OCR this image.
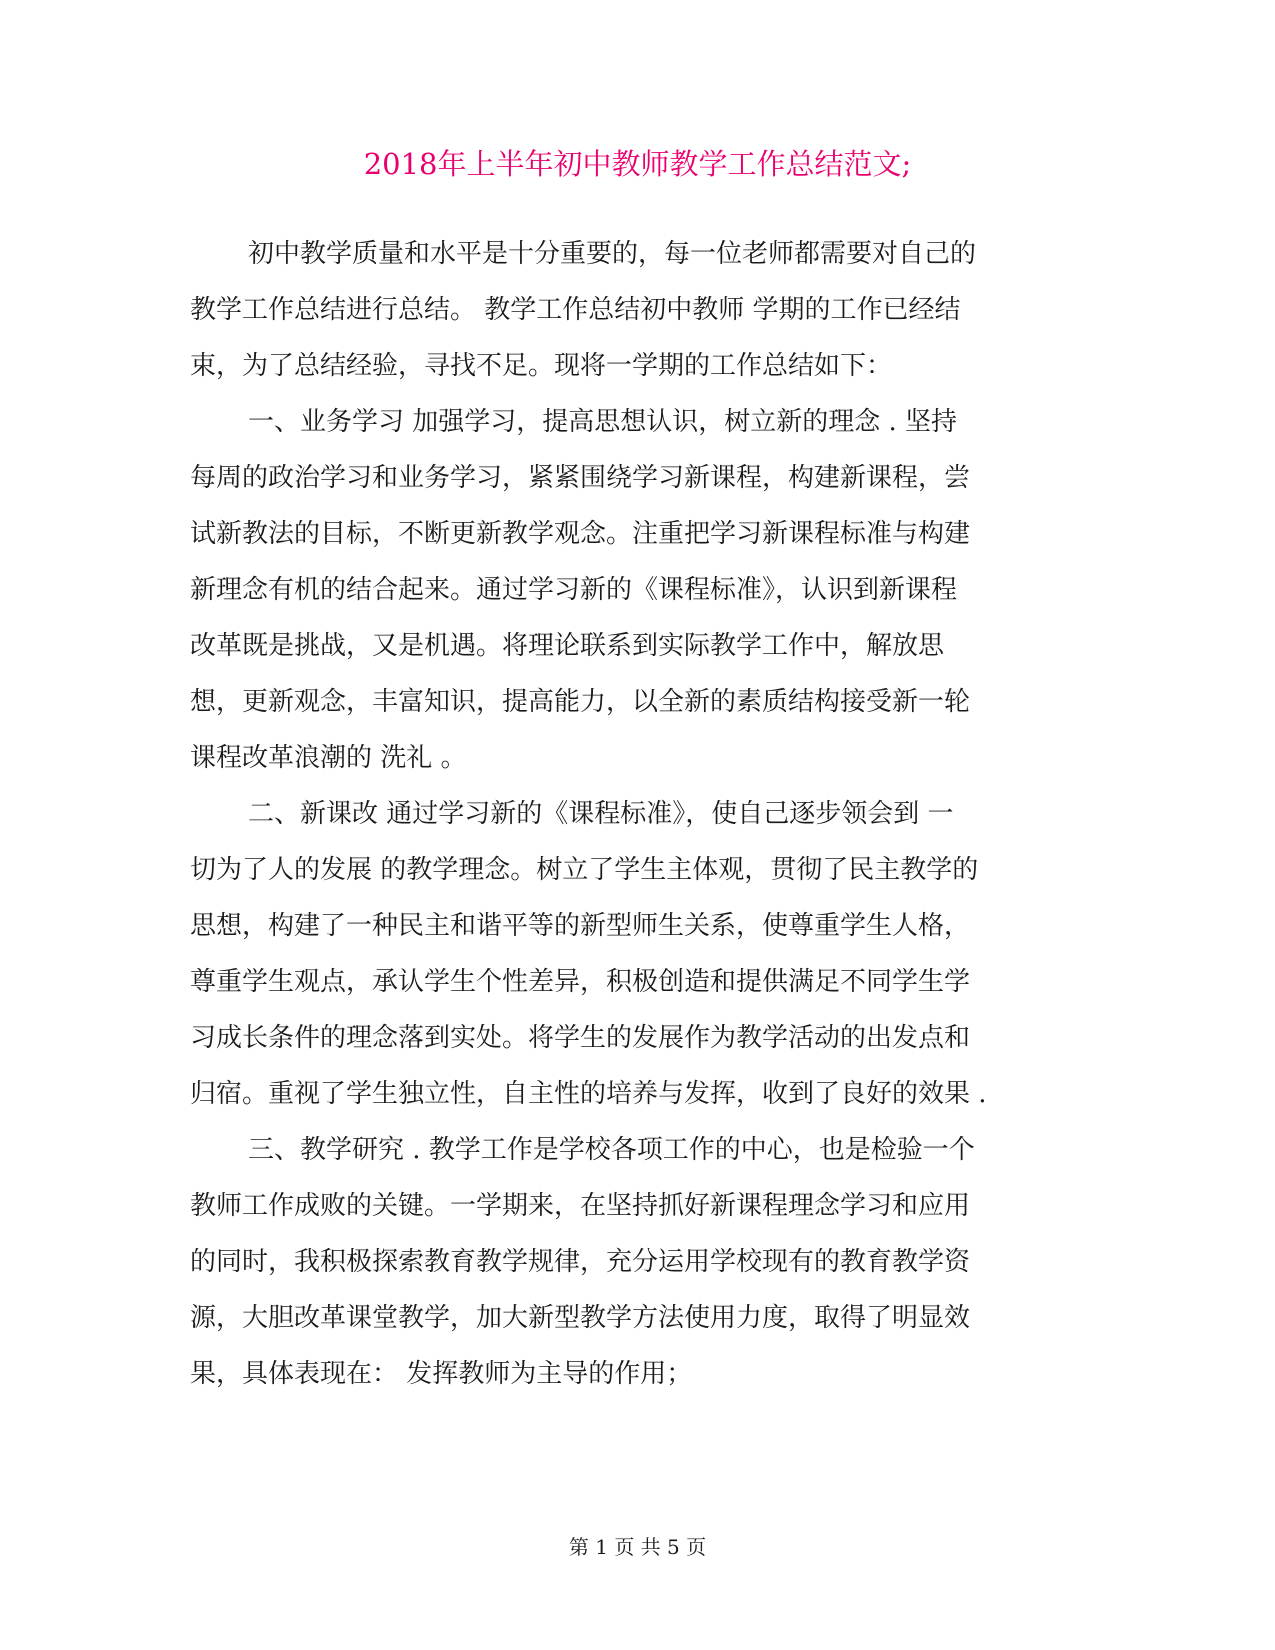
2018年上半年初中教师教学工作总结范文;
初中教学质量和水平是十分重要的，每一位老师都需要对自己的
教学工作总结进行总结。 教学工作总结初中教师 学期的工作已经结
束，为了总结经验，寻找不足。现将一学期的工作总结如下：
一、业务学习 加强学习，提高思想认识，树立新的理念 . 坚持
每周的政治学习和业务学习，紧紧围绕学习新课程，构建新课程，尝
试新教法的目标，不断更新教学观念。注重把学习新课程标准与构建
新理念有机的结合起来。通过学习新的《课程标准》，认识到新课程
改革既是挑战，又是机遇。将理论联系到实际教学工作中，解放思
想，更新观念，丰富知识，提高能力，以全新的素质结构接受新一轮
课程改革浪潮的 洗礼 。
二、新课改 通过学习新的《课程标准》，使自己逐步领会到 一
切为了人的发展 的教学理念。树立了学生主体观，贯彻了民主教学的
思想，构建了一种民主和谐平等的新型师生关系，使尊重学生人格，
尊重学生观点，承认学生个性差异，积极创造和提供满足不同学生学
习成长条件的理念落到实处。将学生的发展作为教学活动的出发点和
归宿。重视了学生独立性，自主性的培养与发挥，收到了良好的效果 .
三、教学研究 . 教学工作是学校各项工作的中心，也是检验一个
教师工作成败的关键。一学期来，在坚持抓好新课程理念学习和应用
的同时，我积极探索教育教学规律，充分运用学校现有的教育教学资
源，大胆改革课堂教学，加大新型教学方法使用力度，取得了明显效
果，具体表现在： 发挥教师为主导的作用；
第 1 页 共 5 页
